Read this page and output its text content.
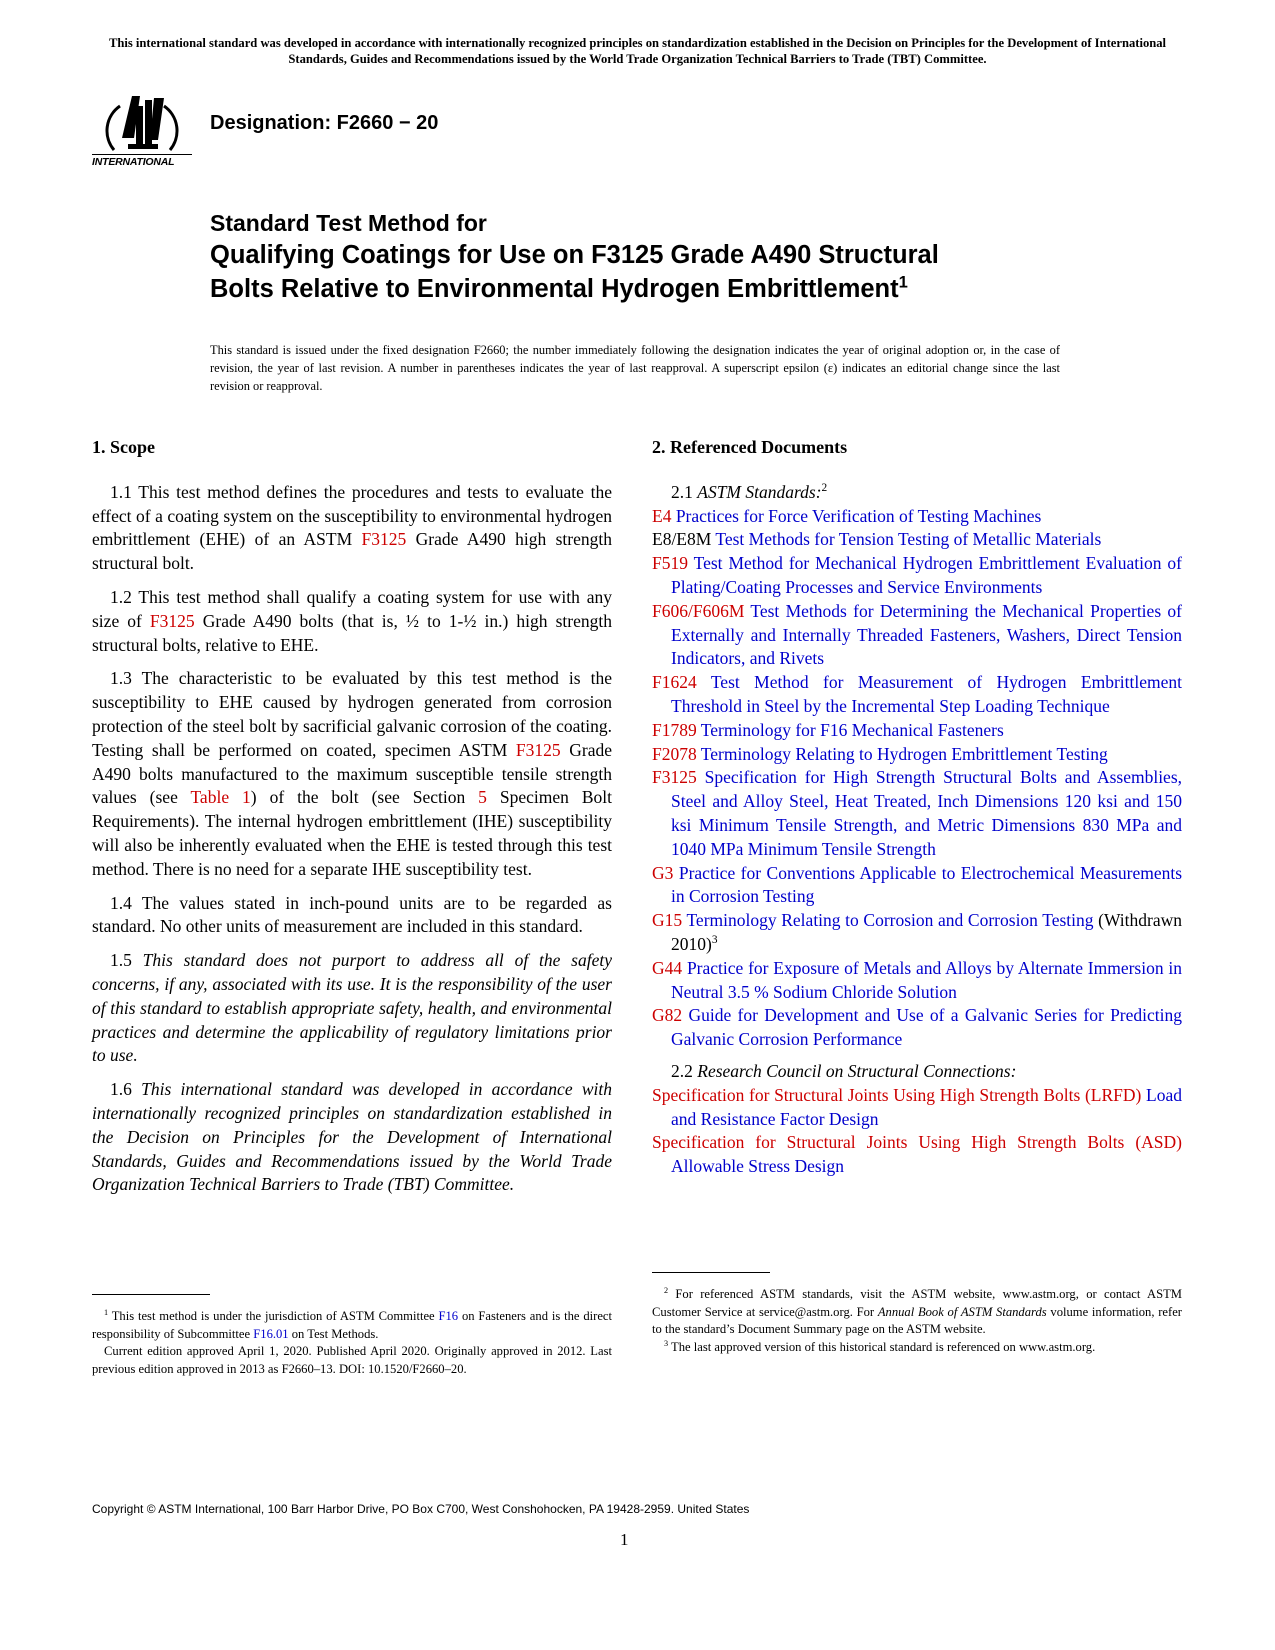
This international standard was developed in accordance with internationally recognized principles on standardization established in the Decision on Principles for the Development of International Standards, Guides and Recommendations issued by the World Trade Organization Technical Barriers to Trade (TBT) Committee.
INTERNATIONAL
Designation: F2660 − 20
Standard Test Method for
Qualifying Coatings for Use on F3125 Grade A490 Structural
Bolts Relative to Environmental Hydrogen Embrittlement$^1$
This standard is issued under the fixed designation F2660; the number immediately following the designation indicates the year of original adoption or, in the case of revision, the year of last revision. A number in parentheses indicates the year of last reapproval. A superscript epsilon (ε) indicates an editorial change since the last revision or reapproval.
1. Scope

1.1 This test method defines the procedures and tests to evaluate the effect of a coating system on the susceptibility to environmental hydrogen embrittlement (EHE) of an ASTM F3125 Grade A490 high strength structural bolt.

1.2 This test method shall qualify a coating system for use with any size of F3125 Grade A490 bolts (that is, ½ to 1-½ in.) high strength structural bolts, relative to EHE.

1.3 The characteristic to be evaluated by this test method is the susceptibility to EHE caused by hydrogen generated from corrosion protection of the steel bolt by sacrificial galvanic corrosion of the coating. Testing shall be performed on coated, specimen ASTM F3125 Grade A490 bolts manufactured to the maximum susceptible tensile strength values (see Table 1) of the bolt (see Section 5 Specimen Bolt Requirements). The internal hydrogen embrittlement (IHE) susceptibility will also be inherently evaluated when the EHE is tested through this test method. There is no need for a separate IHE susceptibility test.

1.4 The values stated in inch-pound units are to be regarded as standard. No other units of measurement are included in this standard.

1.5 This standard does not purport to address all of the safety concerns, if any, associated with its use. It is the responsibility of the user of this standard to establish appropriate safety, health, and environmental practices and determine the applicability of regulatory limitations prior to use.

1.6 This international standard was developed in accordance with internationally recognized principles on standardization established in the Decision on Principles for the Development of International Standards, Guides and Recommendations issued by the World Trade Organization Technical Barriers to Trade (TBT) Committee.

2. Referenced Documents
2.1 ASTM Standards:$^2$

E4 Practices for Force Verification of Testing Machines

E8/E8M Test Methods for Tension Testing of Metallic Materials

F519 Test Method for Mechanical Hydrogen Embrittlement Evaluation of Plating/Coating Processes and Service Environments

F606/F606M Test Methods for Determining the Mechanical Properties of Externally and Internally Threaded Fasteners, Washers, Direct Tension Indicators, and Rivets

F1624 Test Method for Measurement of Hydrogen Embrittlement Threshold in Steel by the Incremental Step Loading Technique

F1789 Terminology for F16 Mechanical Fasteners

F2078 Terminology Relating to Hydrogen Embrittlement Testing

F3125 Specification for High Strength Structural Bolts and Assemblies, Steel and Alloy Steel, Heat Treated, Inch Dimensions 120 ksi and 150 ksi Minimum Tensile Strength, and Metric Dimensions 830 MPa and 1040 MPa Minimum Tensile Strength

G3 Practice for Conventions Applicable to Electrochemical Measurements in Corrosion Testing

G15 Terminology Relating to Corrosion and Corrosion Testing (Withdrawn 2010)$^3$

G44 Practice for Exposure of Metals and Alloys by Alternate Immersion in Neutral 3.5 % Sodium Chloride Solution

G82 Guide for Development and Use of a Galvanic Series for Predicting Galvanic Corrosion Performance

2.2 Research Council on Structural Connections:

Specification for Structural Joints Using High Strength Bolts (LRFD) Load and Resistance Factor Design

Specification for Structural Joints Using High Strength Bolts (ASD) Allowable Stress Design

$^1$ This test method is under the jurisdiction of ASTM Committee F16 on Fasteners and is the direct responsibility of Subcommittee F16.01 on Test Methods.

Current edition approved April 1, 2020. Published April 2020. Originally approved in 2012. Last previous edition approved in 2013 as F2660–13. DOI: 10.1520/F2660–20.

$^2$ For referenced ASTM standards, visit the ASTM website, www.astm.org, or contact ASTM Customer Service at service@astm.org. For Annual Book of ASTM Standards volume information, refer to the standard’s Document Summary page on the ASTM website.

$^3$ The last approved version of this historical standard is referenced on www.astm.org.

Copyright © ASTM International, 100 Barr Harbor Drive, PO Box C700, West Conshohocken, PA 19428-2959. United States
1
